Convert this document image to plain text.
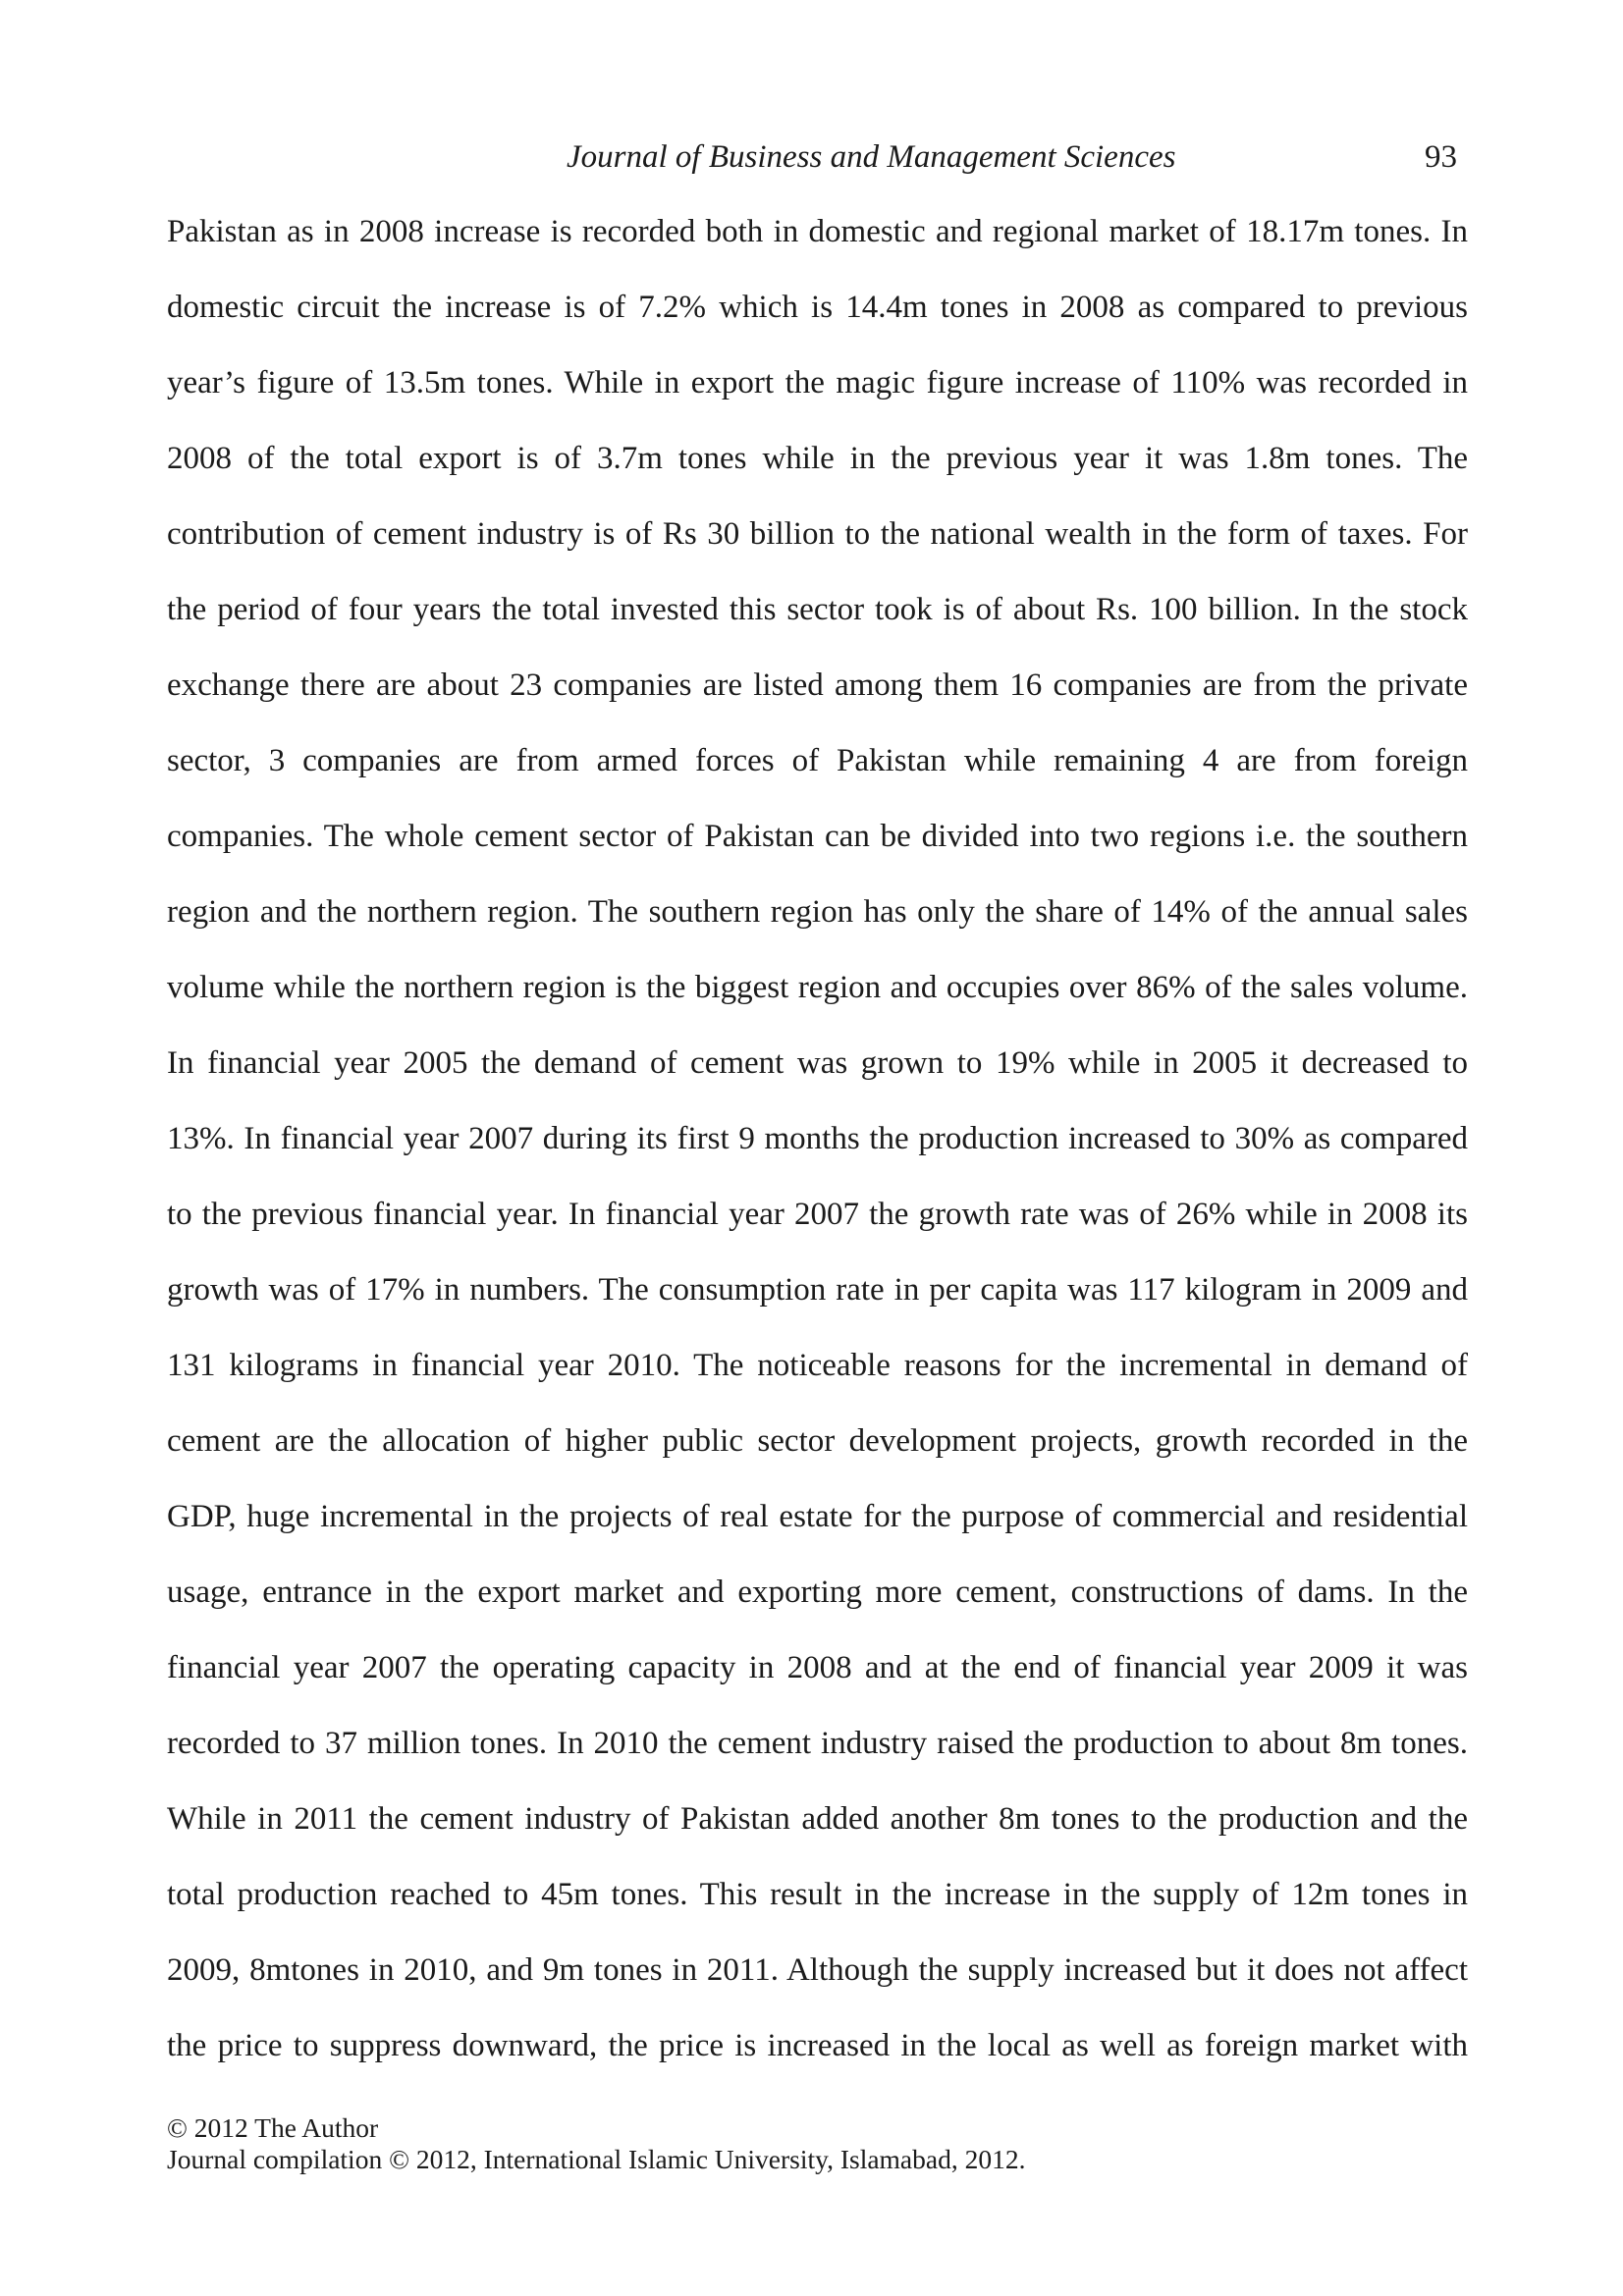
Journal of Business and Management Sciences	93
Pakistan as in 2008 increase is recorded both in domestic and regional market of 18.17m tones. In
domestic circuit the increase is of 7.2% which is 14.4m tones in 2008 as compared to previous
year’s figure of 13.5m tones. While in export the magic figure increase of 110% was recorded in
2008 of the total export is of 3.7m tones while in the previous year it was 1.8m tones. The
contribution of cement industry is of Rs 30 billion to the national wealth in the form of taxes. For
the period of four years the total invested this sector took is of about Rs. 100 billion. In the stock
exchange there are about 23 companies are listed among them 16 companies are from the private
sector, 3 companies are from armed forces of Pakistan while remaining 4 are from foreign
companies. The whole cement sector of Pakistan can be divided into two regions i.e. the southern
region and the northern region. The southern region has only the share of 14% of the annual sales
volume while the northern region is the biggest region and occupies over 86% of the sales volume.
In financial year 2005 the demand of cement was grown to 19% while in 2005 it decreased to
13%. In financial year 2007 during its first 9 months the production increased to 30% as compared
to the previous financial year. In financial year 2007 the growth rate was of 26% while in 2008 its
growth was of 17% in numbers. The consumption rate in per capita was 117 kilogram in 2009 and
131 kilograms in financial year 2010. The noticeable reasons for the incremental in demand of
cement are the allocation of higher public sector development projects, growth recorded in the
GDP, huge incremental in the projects of real estate for the purpose of commercial and residential
usage, entrance in the export market and exporting more cement, constructions of dams. In the
financial year 2007 the operating capacity in 2008 and at the end of financial year 2009 it was
recorded to 37 million tones. In 2010 the cement industry raised the production to about 8m tones.
While in 2011 the cement industry of Pakistan added another 8m tones to the production and the
total production reached to 45m tones. This result in the increase in the supply of 12m tones in
2009, 8mtones in 2010, and 9m tones in 2011. Although the supply increased but it does not affect
the price to suppress downward, the price is increased in the local as well as foreign market with
© 2012 The Author
Journal compilation © 2012, International Islamic University, Islamabad, 2012.
